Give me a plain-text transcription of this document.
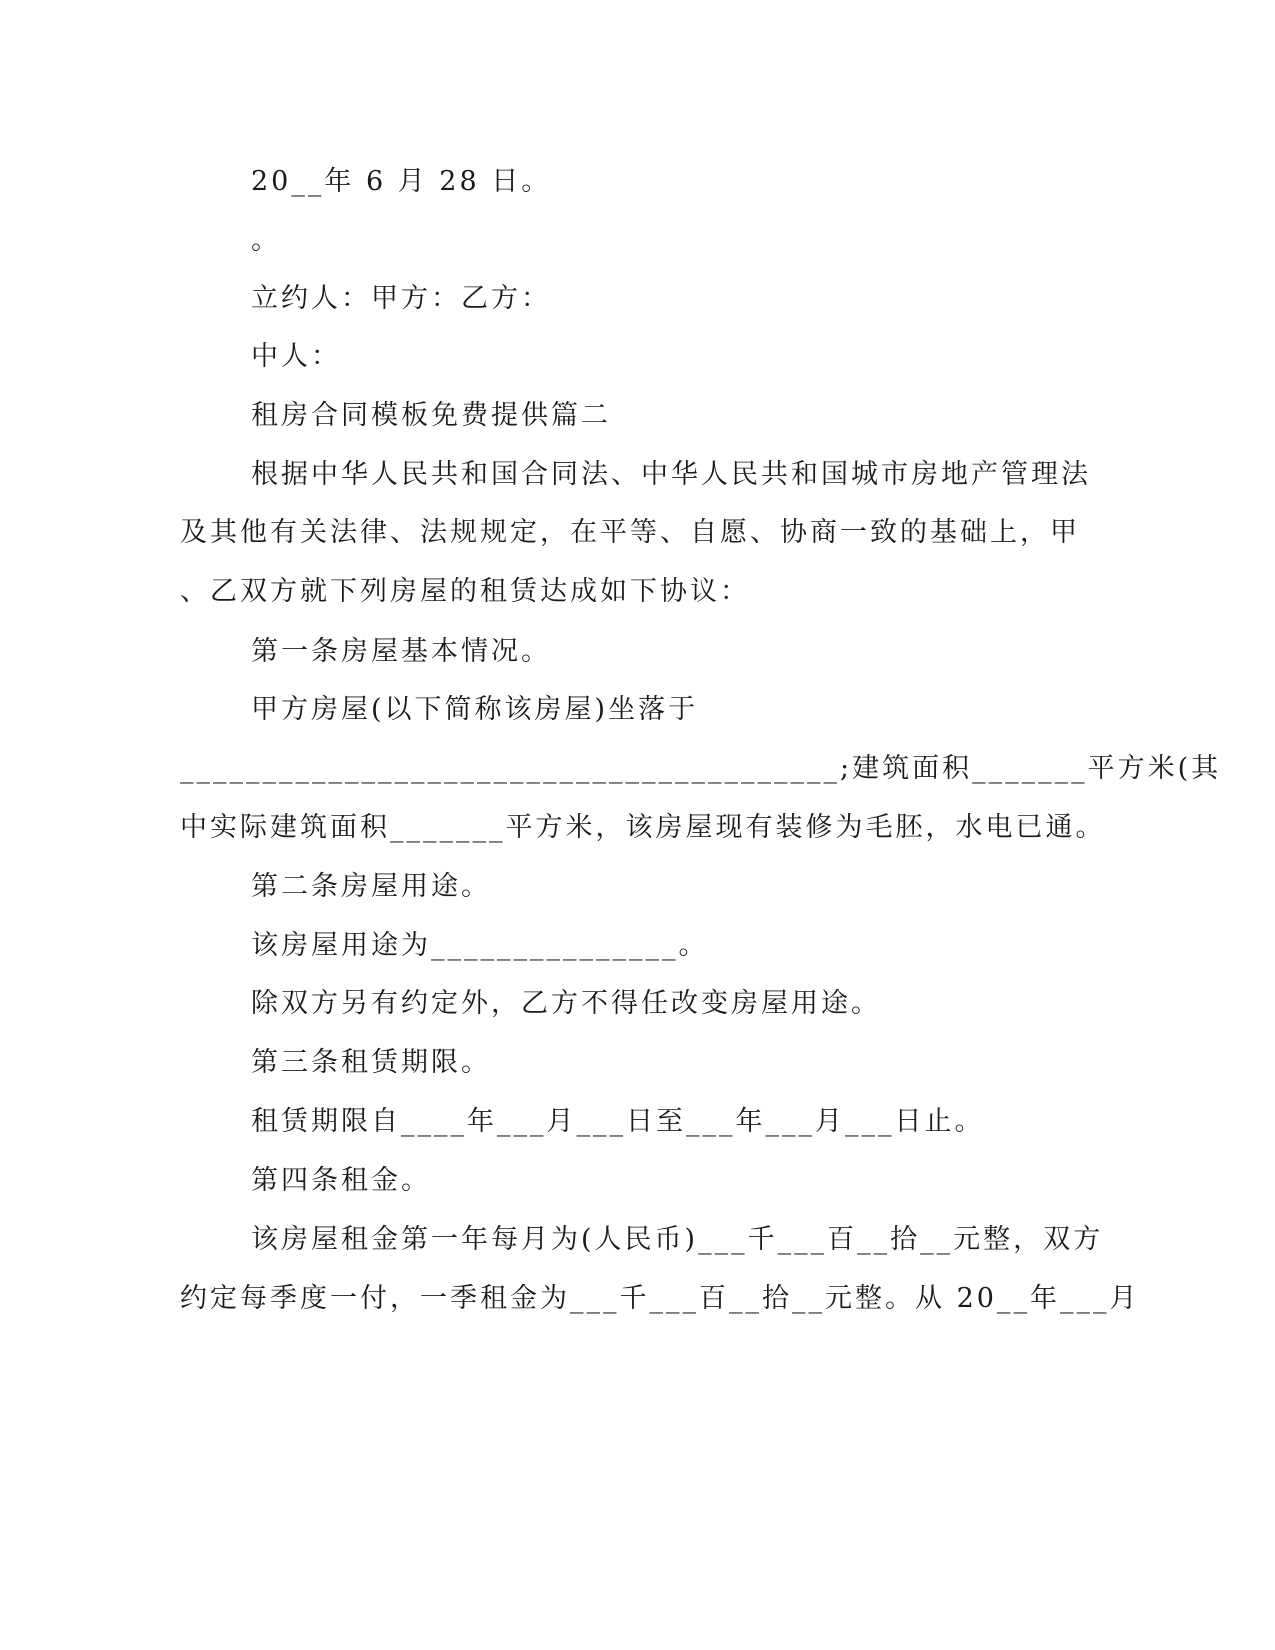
20__年 6 月 28 日。
。
立约人：甲方：乙方：
中人：
租房合同模板免费提供篇二
根据中华人民共和国合同法、中华人民共和国城市房地产管理法
及其他有关法律、法规规定，在平等、自愿、协商一致的基础上，甲
、乙双方就下列房屋的租赁达成如下协议：
第一条房屋基本情况。
甲方房屋(以下简称该房屋)坐落于
________________________________________;建筑面积_______平方米(其
中实际建筑面积_______平方米，该房屋现有装修为毛胚，水电已通。
第二条房屋用途。
该房屋用途为_______________。
除双方另有约定外，乙方不得任改变房屋用途。
第三条租赁期限。
租赁期限自____年___月___日至___年___月___日止。
第四条租金。
该房屋租金第一年每月为(人民币)___千___百__拾__元整，双方
约定每季度一付，一季租金为___千___百__拾__元整。从 20__年___月
